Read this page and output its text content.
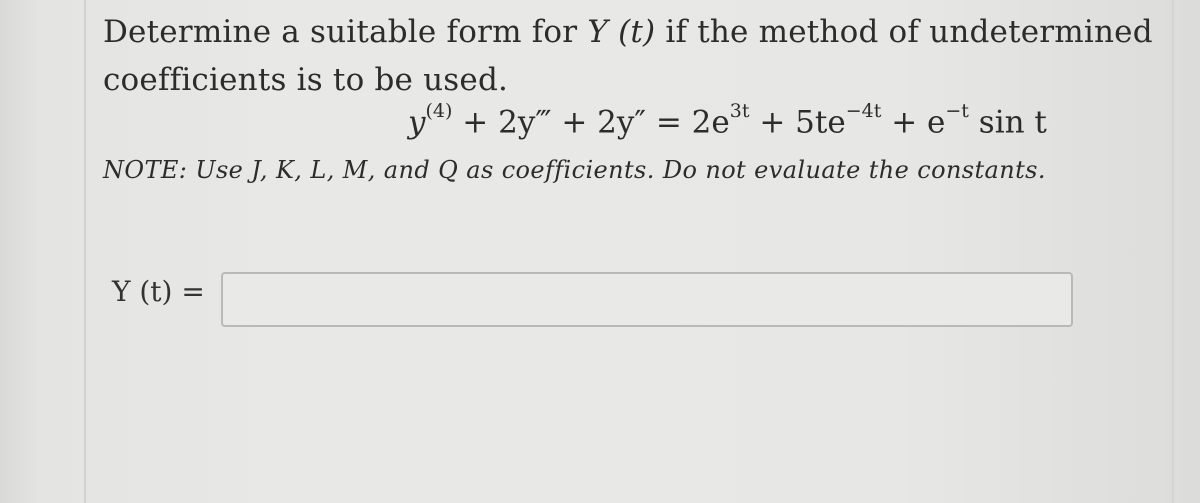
Determine a suitable form for Y (t) if the method of undetermined
coefficients is to be used.
$y^{(4)}$ + 2y‴ + $2y'' = 2e^{3t} + 5te^{-4t} + e^{-t}$ sin t
NOTE: Use J, K, L, M, and Q as coefficients. Do not evaluate the constants.
Y (t) =
